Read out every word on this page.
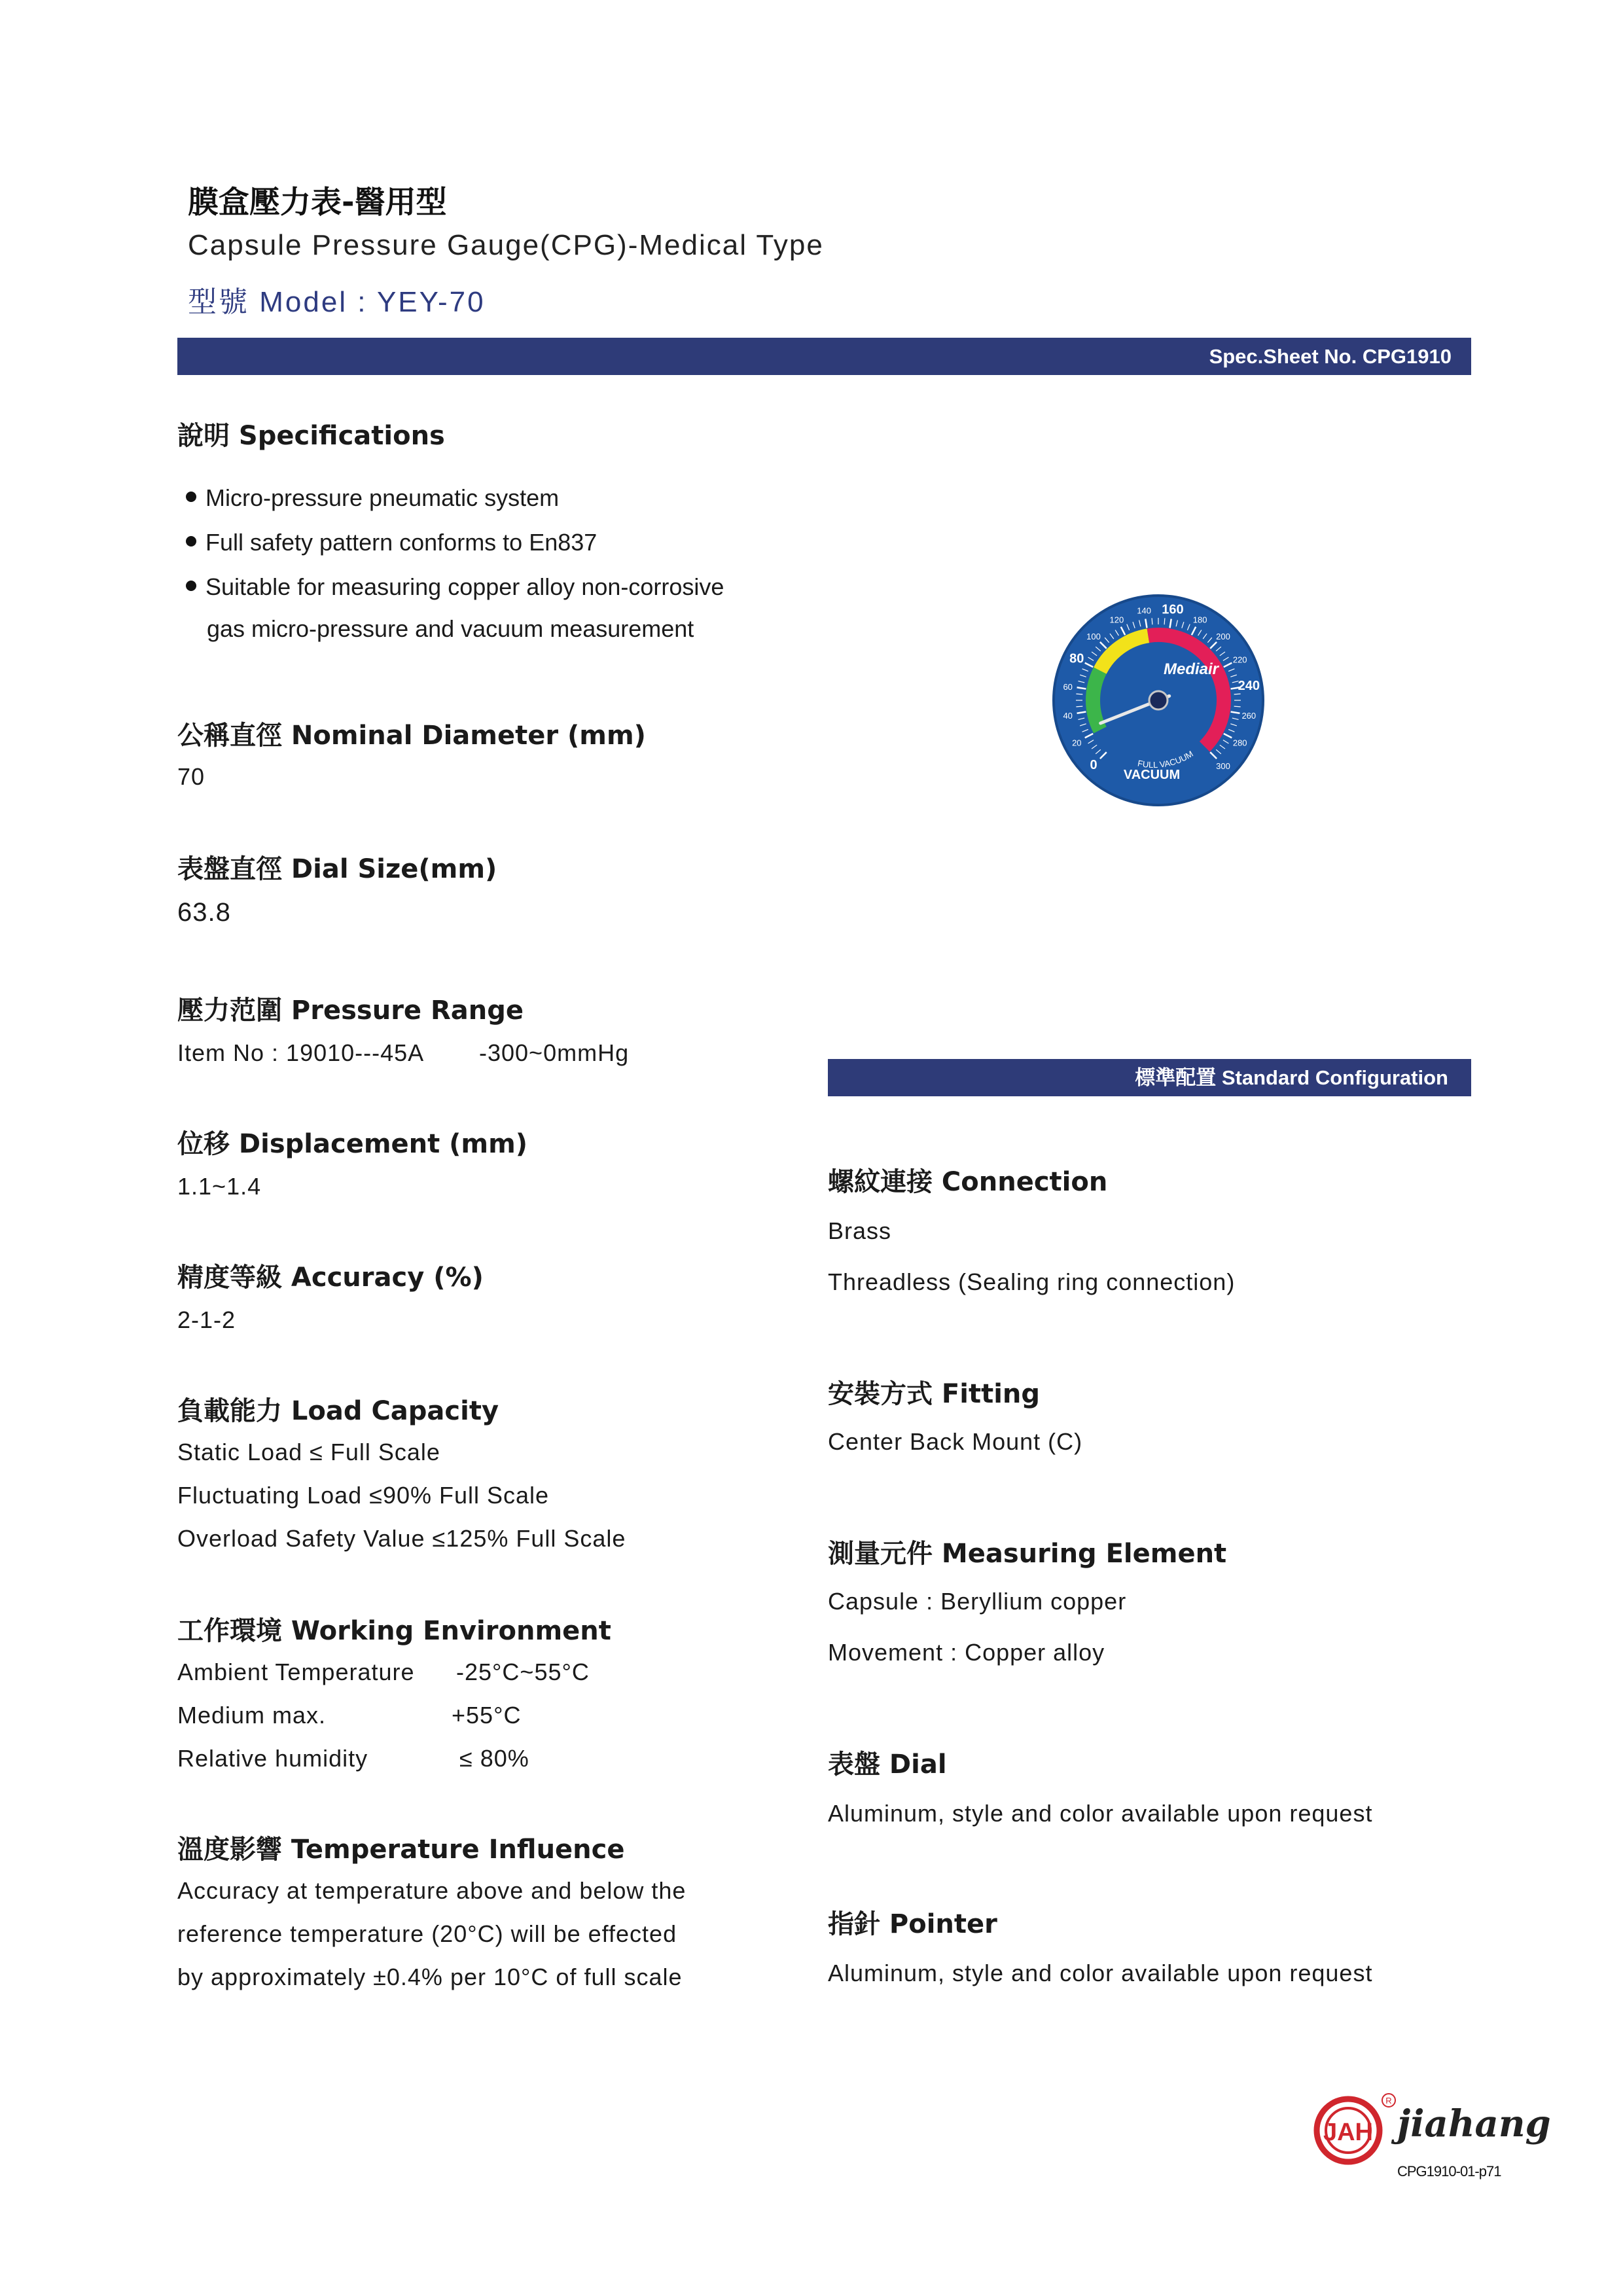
膜盒壓力表-醫用型
Capsule Pressure Gauge(CPG)-Medical Type
型號 Model : YEY-70
Spec.Sheet No. CPG1910
說明 Specifications
Micro-pressure pneumatic system
Full safety pattern conforms to En837
Suitable for measuring copper alloy non-corrosive
gas micro-pressure and vacuum measurement
公稱直徑 Nominal Diameter (mm)
70
表盤直徑 Dial Size(mm)
63.8
壓力范圍 Pressure Range
Item No : 19010---45A -300~0mmHg
位移 Displacement (mm)
1.1~1.4
精度等級 Accuracy (%)
2-1-2
負載能力 Load Capacity
Static Load ≤ Full Scale
Fluctuating Load ≤90% Full Scale
Overload Safety Value ≤125% Full Scale
工作環境 Working Environment
Ambient Temperature -25°C~55°C
Medium max.	+55°C
Relative humidity	≤ 80%
溫度影響 Temperature Influence
Accuracy at temperature above and below the
reference temperature (20°C) will be effected
by approximately ±0.4% per 10°C of full scale
0
20
40
60
80
100
120
140 160
180
200
220
240
260
280
300
Mediair
FULL VACUUM
VACUUM
標準配置 Standard Configuration
螺紋連接 Connection
Brass
Threadless (Sealing ring connection)
安裝方式 Fitting
Center Back Mount (C)
測量元件 Measuring Element
Capsule : Beryllium copper
Movement : Copper alloy
表盤 Dial
Aluminum, style and color available upon request
指針 Pointer
Aluminum, style and color available upon request
JAH
R
jiahang
CPG1910-01-p71
